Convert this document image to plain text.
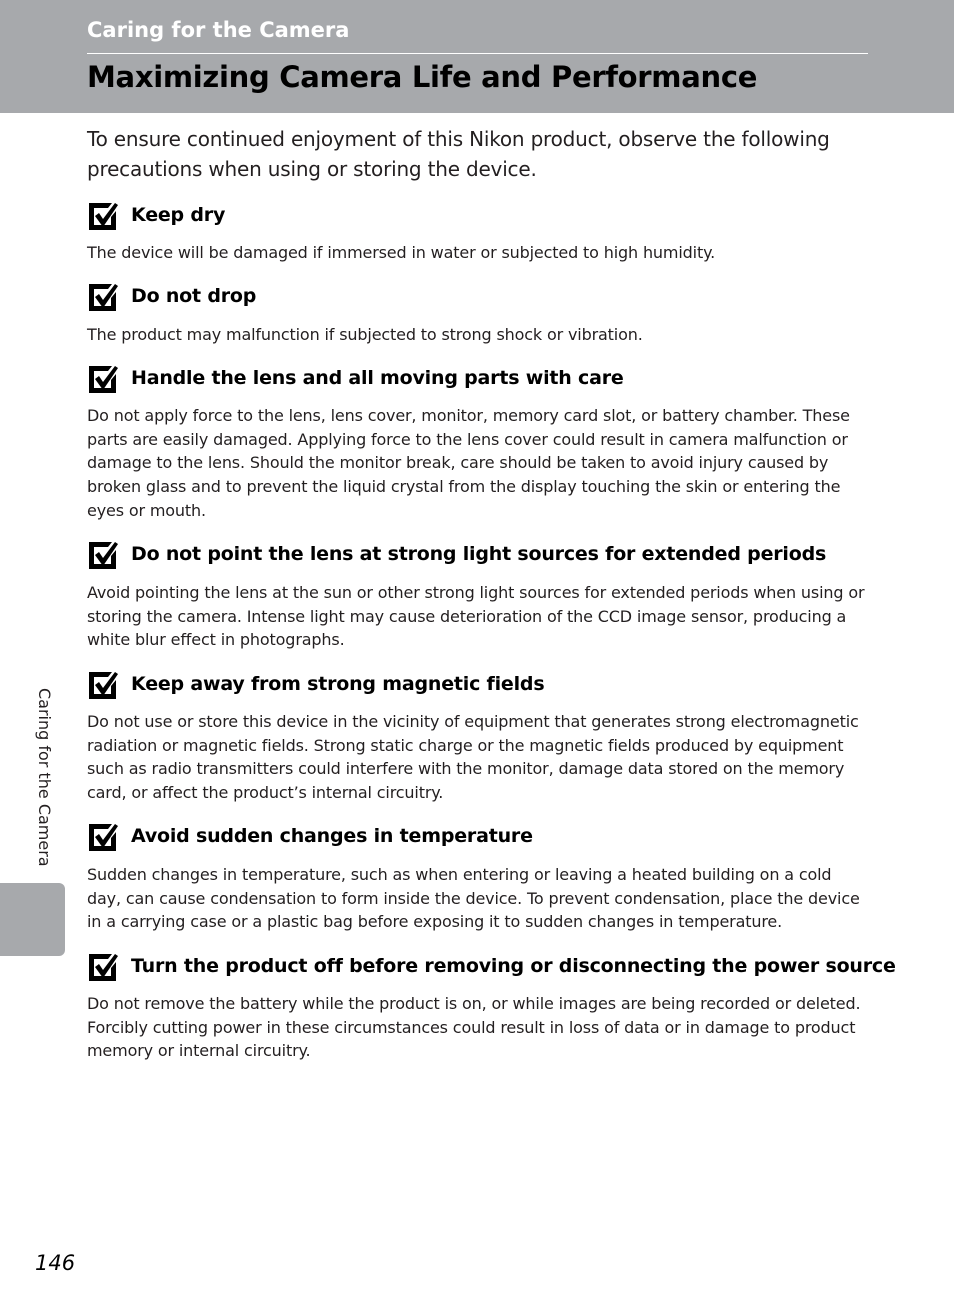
Caring for the Camera
Maximizing Camera Life and Performance
To ensure continued enjoyment of this Nikon product, observe the following precautions when using or storing the device.
Keep dry
The device will be damaged if immersed in water or subjected to high humidity.
Do not drop
The product may malfunction if subjected to strong shock or vibration.
Handle the lens and all moving parts with care
Do not apply force to the lens, lens cover, monitor, memory card slot, or battery chamber. These parts are easily damaged. Applying force to the lens cover could result in camera malfunction or damage to the lens. Should the monitor break, care should be taken to avoid injury caused by broken glass and to prevent the liquid crystal from the display touching the skin or entering the eyes or mouth.
Do not point the lens at strong light sources for extended periods
Avoid pointing the lens at the sun or other strong light sources for extended periods when using or storing the camera. Intense light may cause deterioration of the CCD image sensor, producing a white blur effect in photographs.
Keep away from strong magnetic fields
Do not use or store this device in the vicinity of equipment that generates strong electromagnetic radiation or magnetic fields. Strong static charge or the magnetic fields produced by equipment such as radio transmitters could interfere with the monitor, damage data stored on the memory card, or affect the product’s internal circuitry.
Avoid sudden changes in temperature
Sudden changes in temperature, such as when entering or leaving a heated building on a cold day, can cause condensation to form inside the device. To prevent condensation, place the device in a carrying case or a plastic bag before exposing it to sudden changes in temperature.
Turn the product off before removing or disconnecting the power source
Do not remove the battery while the product is on, or while images are being recorded or deleted. Forcibly cutting power in these circumstances could result in loss of data or in damage to product memory or internal circuitry.
Caring for the Camera
146
